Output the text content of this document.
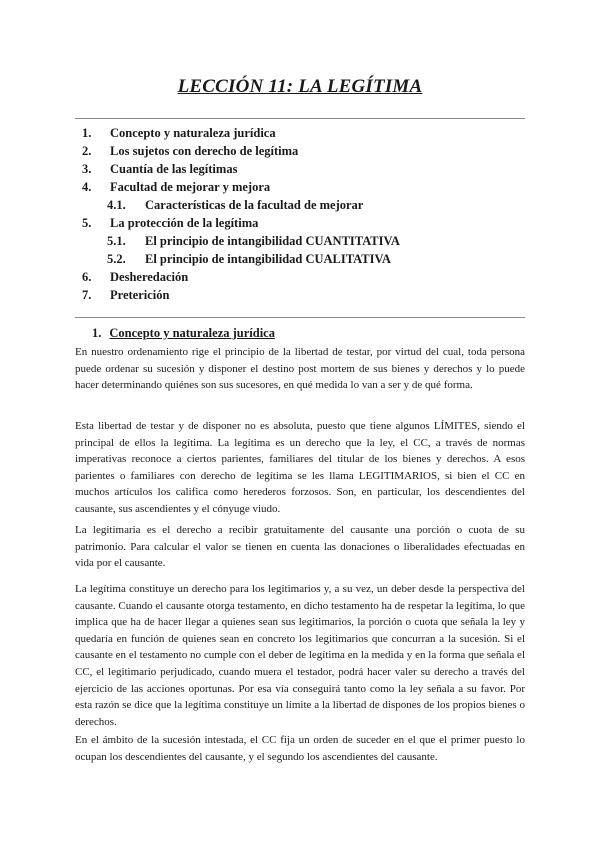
LECCIÓN 11: LA LEGÍTIMA
1. Concepto y naturaleza jurídica
2. Los sujetos con derecho de legítima
3. Cuantía de las legítimas
4. Facultad de mejorar y mejora
4.1. Características de la facultad de mejorar
5. La protección de la legítima
5.1. El principio de intangibilidad CUANTITATIVA
5.2. El principio de intangibilidad CUALITATIVA
6. Desheredación
7. Preterición
1. Concepto y naturaleza jurídica

En nuestro ordenamiento rige el principio de la libertad de testar, por virtud del cual, toda persona puede ordenar su sucesión y disponer el destino post mortem de sus bienes y derechos y lo puede hacer determinando quiénes son sus sucesores, en qué medida lo van a ser y de qué forma.

Esta libertad de testar y de disponer no es absoluta, puesto que tiene algunos LÍMITES, siendo el principal de ellos la legítima. La legítima es un derecho que la ley, el CC, a través de normas imperativas reconoce a ciertos parientes, familiares del titular de los bienes y derechos. A esos parientes o familiares con derecho de legítima se les llama LEGITIMARIOS, si bien el CC en muchos artículos los califica como herederos forzosos. Son, en particular, los descendientes del causante, sus ascendientes y el cónyuge viudo.

La legitimaria es el derecho a recibir gratuitamente del causante una porción o cuota de su patrimonio. Para calcular el valor se tienen en cuenta las donaciones o liberalidades efectuadas en vida por el causante.

La legítima constituye un derecho para los legitimarios y, a su vez, un deber desde la perspectiva del causante. Cuando el causante otorga testamento, en dicho testamento ha de respetar la legítima, lo que implica que ha de hacer llegar a quienes sean sus legitimarios, la porción o cuota que señala la ley y quedaría en función de quienes sean en concreto los legitimarios que concurran a la sucesión. Si el causante en el testamento no cumple con el deber de legítima en la medida y en la forma que señala el CC, el legitimario perjudicado, cuando muera el testador, podrá hacer valer su derecho a través del ejercicio de las acciones oportunas. Por esa vía conseguirá tanto como la ley señala a su favor. Por esta razón se dice que la legítima constituye un límite a la libertad de dispones de los propios bienes o derechos.

En el ámbito de la sucesión intestada, el CC fija un orden de suceder en el que el primer puesto lo ocupan los descendientes del causante, y el segundo los ascendientes del causante.
